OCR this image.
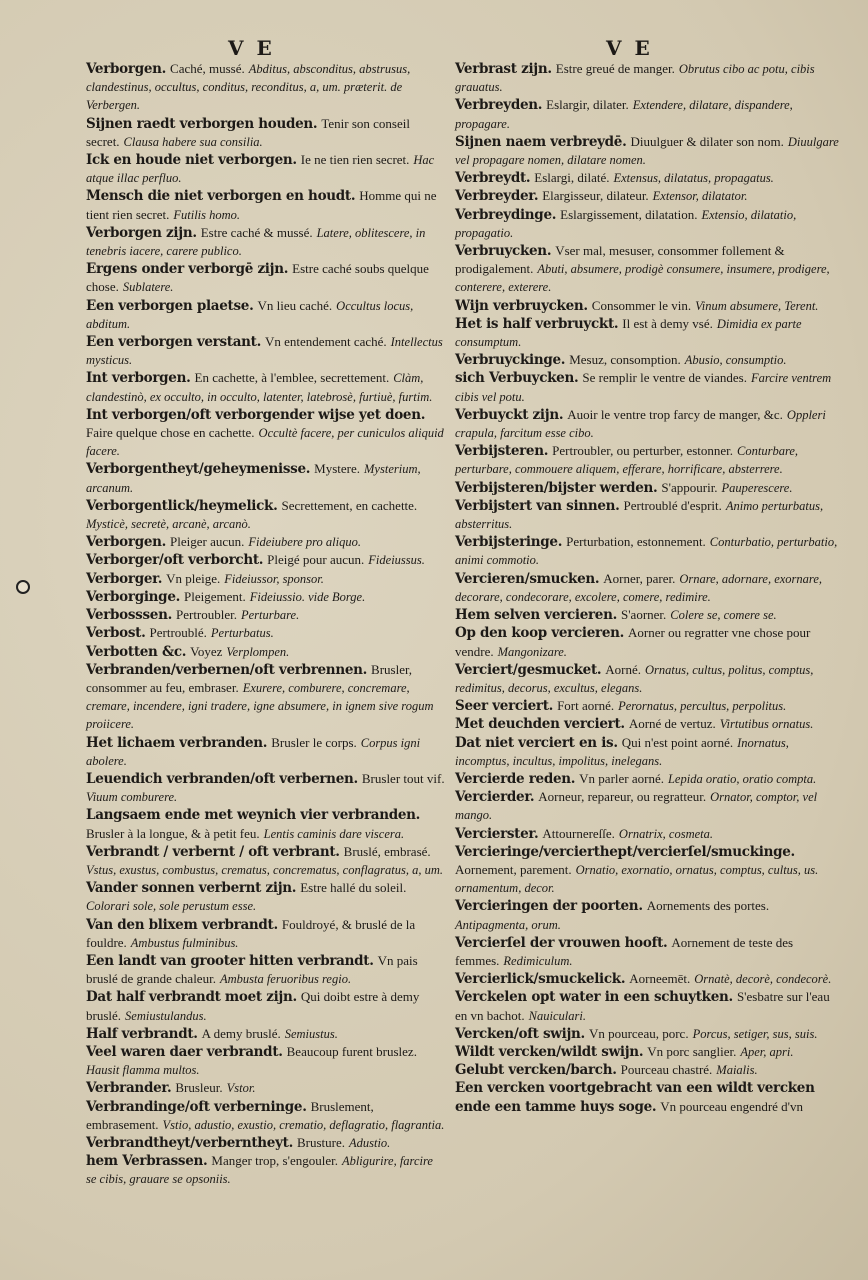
V E	V E
Verborgen. Caché, mussé. Abditus, absconditus, abstrusus, clandestinus, occultus, conditus, reconditus, a, um. præterit. de Verbergen.
Sijnen raedt verborgen houden. Tenir son conseil secret. Clausa habere sua consilia.
Ick en houde niet verborgen. Ie ne tien rien secret. Hac atque illac perfluo.
Mensch die niet verborgen en houdt. Homme qui ne tient rien secret. Futilis homo.
Verborgen zijn. Estre caché & mussé. Latere, oblitescere, in tenebris iacere, carere publico.
Ergens onder verborgē zijn. Estre caché soubs quelque chose. Sublatere.
Een verborgen plaetse. Vn lieu caché. Occultus locus, abditum.
Een verborgen verstant. Vn entendement caché. Intellectus mysticus.
Int verborgen. En cachette, à l'emblee, secrettement. Clàm, clandestinò, ex occulto, in occulto, latenter, latebrosè, furtiuè, furtim.
Int verborgen/oft verborgender wijse yet doen. Faire quelque chose en cachette. Occultè facere, per cuniculos aliquid facere.
Verborgentheyt/geheymenisse. Mystere. Mysterium, arcanum.
Verborgentlick/heymelick. Secrettement, en cachette. Mysticè, secretè, arcanè, arcanò.
Verborgen. Pleiger aucun. Fideiubere pro aliquo.
Verborger/oft verborcht. Pleigé pour aucun. Fideiussus.
Verborger. Vn pleige. Fideiussor, sponsor.
Verborginge. Pleigement. Fideiussio. vide Borge.
Verbosssen. Pertroubler. Perturbare.
Verbost. Pertroublé. Perturbatus.
Verbotten &c. Voyez Verplompen.
Verbranden/verbernen/oft verbrennen. Brusler, consommer au feu, embraser. Exurere, comburere, concremare, cremare, incendere, igni tradere, igne absumere, in ignem sive rogum proiicere.
Het lichaem verbranden. Brusler le corps. Corpus igni abolere.
Leuendich verbranden/oft verbernen. Brusler tout vif. Viuum comburere.
Langsaem ende met weynich vier verbranden. Brusler à la longue, & à petit feu. Lentis caminis dare viscera.
Verbrandt / verbernt / oft verbrant. Bruslé, embrasé. Vstus, exustus, combustus, crematus, concrematus, conflagratus, a, um.
Vander sonnen verbernt zijn. Estre hallé du soleil. Colorari sole, sole perustum esse.
Van den blixem verbrandt. Fouldroyé, & bruslé de la fouldre. Ambustus fulminibus.
Een landt van grooter hitten verbrandt. Vn pais bruslé de grande chaleur. Ambusta feruoribus regio.
Dat half verbrandt moet zijn. Qui doibt estre à demy bruslé. Semiustulandus.
Half verbrandt. A demy bruslé. Semiustus.
Veel waren daer verbrandt. Beaucoup furent bruslez. Hausit flamma multos.
Verbrander. Brusleur. Vstor.
Verbrandinge/oft verberninge. Bruslement, embrasement. Vstio, adustio, exustio, crematio, deflagratio, flagrantia.
Verbrandtheyt/verberntheyt. Brusture. Adustio.
hem Verbrassen. Manger trop, s'engouler. Abligurire, farcire se cibis, grauare se opsoniis.
Verbrast zijn. Estre greué de manger. Obrutus cibo ac potu, cibis grauatus.
Verbreyden. Eslargir, dilater. Extendere, dilatare, dispandere, propagare.
Sijnen naem verbreydē. Diuulguer & dilater son nom. Diuulgare vel propagare nomen, dilatare nomen.
Verbreydt. Eslargi, dilaté. Extensus, dilatatus, propagatus.
Verbreyder. Elargisseur, dilateur. Extensor, dilatator.
Verbreydinge. Eslargissement, dilatation. Extensio, dilatatio, propagatio.
Verbruycken. Vser mal, mesuser, consommer follement & prodigalement. Abuti, absumere, prodigè consumere, insumere, prodigere, conterere, exterere.
Wijn verbruycken. Consommer le vin. Vinum absumere, Terent.
Het is half verbruyckt. Il est à demy vsé. Dimidia ex parte consumptum.
Verbruyckinge. Mesuz, consomption. Abusio, consumptio.
sich Verbuycken. Se remplir le ventre de viandes. Farcire ventrem cibis vel potu.
Verbuyckt zijn. Auoir le ventre trop farcy de manger, &c. Oppleri crapula, farcitum esse cibo.
Verbijsteren. Pertroubler, ou perturber, estonner. Conturbare, perturbare, commouere aliquem, efferare, horrificare, absterrere.
Verbijsteren/bijster werden. S'appourir. Pauperescere.
Verbijstert van sinnen. Pertroublé d'esprit. Animo perturbatus, absterritus.
Verbijsteringe. Perturbation, estonnement. Conturbatio, perturbatio, animi commotio.
Vercieren/smucken. Aorner, parer. Ornare, adornare, exornare, decorare, condecorare, excolere, comere, redimire.
Hem selven vercieren. S'aorner. Colere se, comere se.
Op den koop vercieren. Aorner ou regratter vne chose pour vendre. Mangonizare.
Verciert/gesmucket. Aorné. Ornatus, cultus, politus, comptus, redimitus, decorus, excultus, elegans.
Seer verciert. Fort aorné. Perornatus, percultus, perpolitus.
Met deuchden verciert. Aorné de vertuz. Virtutibus ornatus.
Dat niet verciert en is. Qui n'est point aorné. Inornatus, incomptus, incultus, impolitus, inelegans.
Vercierde reden. Vn parler aorné. Lepida oratio, oratio compta.
Vercierder. Aorneur, repareur, ou regratteur. Ornator, comptor, vel mango.
Vercierster. Attournereſſe. Ornatrix, cosmeta.
Vercieringe/vercierthept/vercierſel/smuckinge. Aornement, parement. Ornatio, exornatio, ornatus, comptus, cultus, us. ornamentum, decor.
Vercieringen der poorten. Aornements des portes. Antipagmenta, orum.
Vercierſel der vrouwen hooft. Aornement de teste des femmes. Redimiculum.
Vercierlick/smuckelick. Aorneemēt. Ornatè, decorè, condecorè.
Verckelen opt water in een schuytken. S'esbatre sur l'eau en vn bachot. Nauiculari.
Vercken/oft swijn. Vn pourceau, porc. Porcus, setiger, sus, suis.
Wildt vercken/wildt swijn. Vn porc sanglier. Aper, apri.
Gelubt vercken/barch. Pourceau chastré. Maialis.
Een vercken voortgebracht van een wildt vercken ende een tamme huys soge. Vn pourceau engendré d'vn
